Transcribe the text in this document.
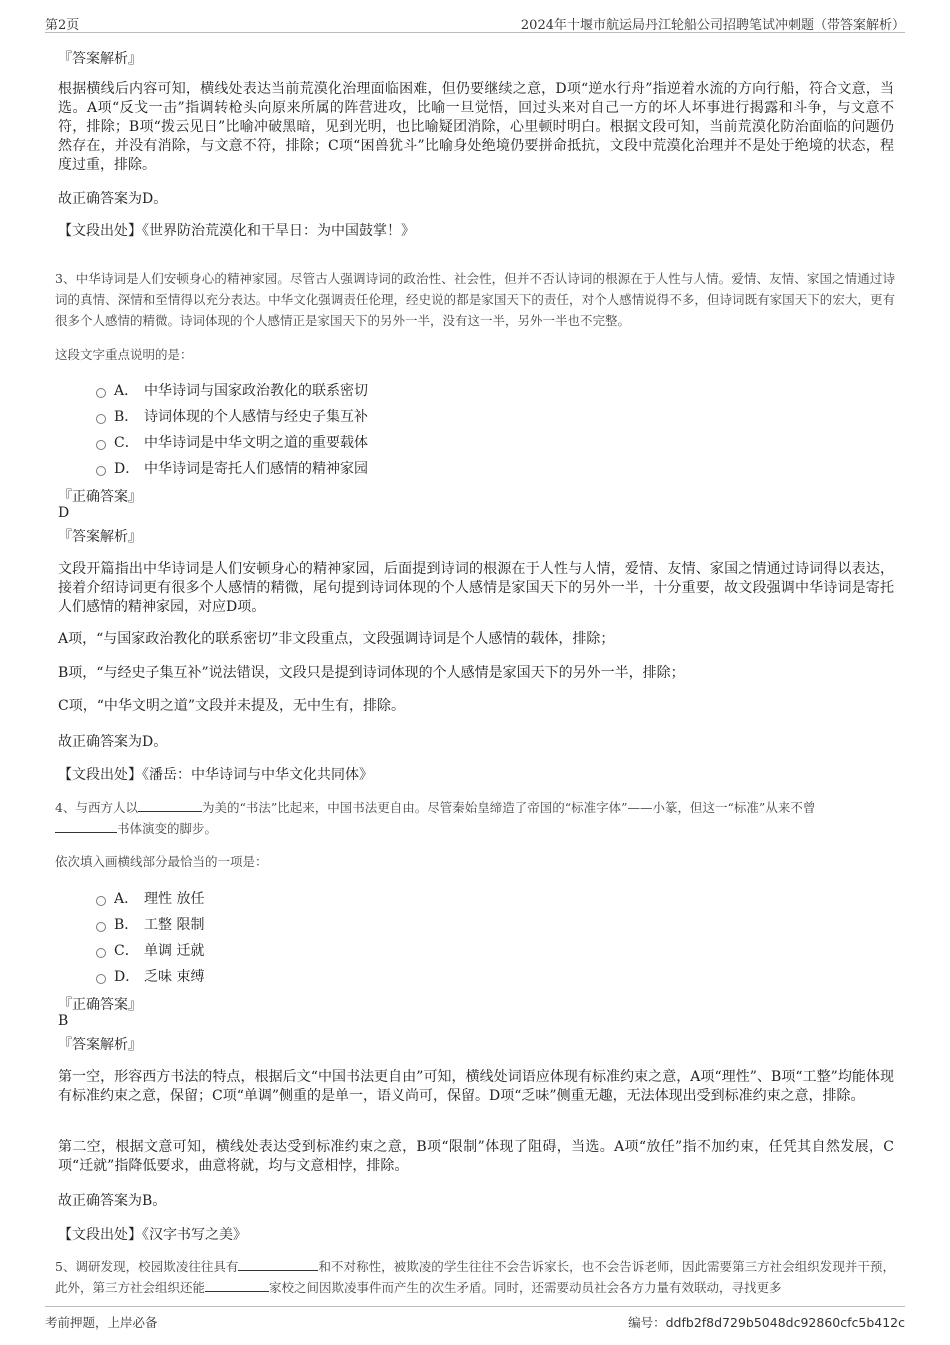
第2页	2024年十堰市航运局丹江轮船公司招聘笔试冲刺题（带答案解析）
『答案解析』

根据横线后内容可知，横线处表达当前荒漠化治理面临困难，但仍要继续之意，D项“逆水行舟”指逆着水流的方向行船，符合文意，当选。A项“反戈一击”指调转枪头向原来所属的阵营进攻，比喻一旦觉悟，回过头来对自己一方的坏人坏事进行揭露和斗争，与文意不符，排除；B项“拨云见日”比喻冲破黑暗，见到光明，也比喻疑团消除，心里顿时明白。根据文段可知，当前荒漠化防治面临的问题仍然存在，并没有消除，与文意不符，排除；C项“困兽犹斗”比喻身处绝境仍要拼命抵抗，文段中荒漠化治理并不是处于绝境的状态，程度过重，排除。

故正确答案为D。
【文段出处】《世界防治荒漠化和干旱日：为中国鼓掌！》

3、中华诗词是人们安顿身心的精神家园。尽管古人强调诗词的政治性、社会性，但并不否认诗词的根源在于人性与人情。爱情、友情、家国之情通过诗词的真情、深情和至情得以充分表达。中华文化强调责任伦理，经史说的都是家国天下的责任，对个人感情说得不多，但诗词既有家国天下的宏大，更有很多个人感情的精微。诗词体现的个人感情正是家国天下的另外一半，没有这一半，另外一半也不完整。

这段文字重点说明的是：
A． 中华诗词与国家政治教化的联系密切
B． 诗词体现的个人感情与经史子集互补
C． 中华诗词是中华文明之道的重要载体
D． 中华诗词是寄托人们感情的精神家园
『正确答案』
D
『答案解析』

文段开篇指出中华诗词是人们安顿身心的精神家园，后面提到诗词的根源在于人性与人情，爱情、友情、家国之情通过诗词得以表达，接着介绍诗词更有很多个人感情的精微，尾句提到诗词体现的个人感情是家国天下的另外一半，十分重要，故文段强调中华诗词是寄托人们感情的精神家园，对应D项。

A项，“与国家政治教化的联系密切”非文段重点，文段强调诗词是个人感情的载体，排除；

B项，“与经史子集互补”说法错误，文段只是提到诗词体现的个人感情是家国天下的另外一半，排除；

C项，“中华文明之道”文段并未提及，无中生有，排除。

故正确答案为D。
【文段出处】《潘岳：中华诗词与中华文化共同体》

4、与西方人以	为美的“书法”比起来，中国书法更自由。尽管秦始皇缔造了帝国的“标准字体”——小篆，但这一“标准”从来不曾
书体演变的脚步。

依次填入画横线部分最恰当的一项是：
A． 理性 放任
B． 工整 限制
C． 单调 迁就
D． 乏味 束缚
『正确答案』
B
『答案解析』

第一空，形容西方书法的特点，根据后文“中国书法更自由”可知，横线处词语应体现有标准约束之意，A项“理性”、B项“工整”均能体现有标准约束之意，保留；C项“单调”侧重的是单一，语义尚可，保留。D项“乏味”侧重无趣，无法体现出受到标准约束之意，排除。

第二空，根据文意可知，横线处表达受到标准约束之意，B项“限制”体现了阻碍，当选。A项“放任”指不加约束，任凭其自然发展，C项“迁就”指降低要求，曲意将就，均与文意相悖，排除。

故正确答案为B。
【文段出处】《汉字书写之美》

5、调研发现，校园欺凌往往具有	和不对称性，被欺凌的学生往往不会告诉家长，也不会告诉老师，因此需要第三方社会组织发现并干预，此外，第三方社会组织还能	家校之间因欺凌事件而产生的次生矛盾。同时，还需要动员社会各方力量有效联动，寻找更多

考前押题，上岸必备	编号：ddfb2f8d729b5048dc92860cfc5b412c
